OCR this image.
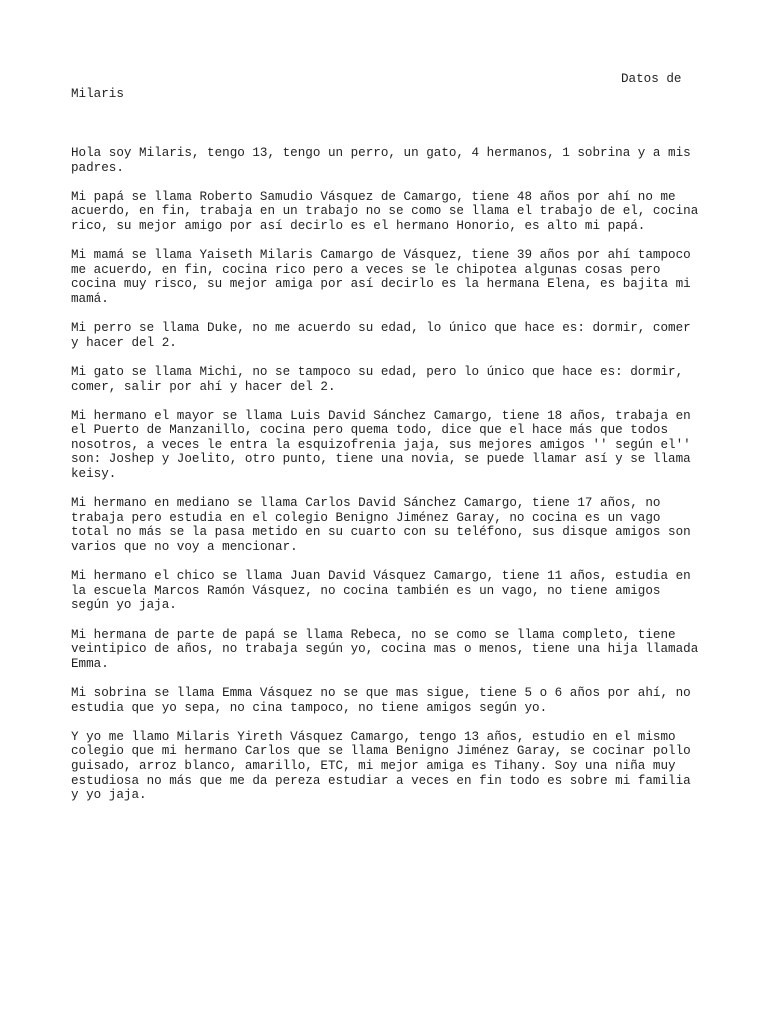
Datos de
Milaris

Hola soy Milaris, tengo 13, tengo un perro, un gato, 4 hermanos, 1 sobrina y a mis padres.

Mi papá se llama Roberto Samudio Vásquez de Camargo, tiene 48 años por ahí no me acuerdo, en fin, trabaja en un trabajo no se como se llama el trabajo de el, cocina rico, su mejor amigo por así decirlo es el hermano Honorio, es alto mi papá.

Mi mamá se llama Yaiseth Milaris Camargo de Vásquez, tiene 39 años por ahí tampoco me acuerdo, en fin, cocina rico pero a veces se le chipotea algunas cosas pero cocina muy risco, su mejor amiga por así decirlo es la hermana Elena, es bajita mi mamá.

Mi perro se llama Duke, no me acuerdo su edad, lo único que hace es: dormir, comer y hacer del 2.

Mi gato se llama Michi, no se tampoco su edad, pero lo único que hace es: dormir, comer, salir por ahí y hacer del 2.

Mi hermano el mayor se llama Luis David Sánchez Camargo, tiene 18 años, trabaja en el Puerto de Manzanillo, cocina pero quema todo, dice que el hace más que todos nosotros, a veces le entra la esquizofrenia jaja, sus mejores amigos '' según el'' son: Joshep y Joelito, otro punto, tiene una novia, se puede llamar así y se llama keisy.

Mi hermano en mediano se llama Carlos David Sánchez Camargo, tiene 17 años, no trabaja pero estudia en el colegio Benigno Jiménez Garay, no cocina es un vago total no más se la pasa metido en su cuarto con su teléfono, sus disque amigos son varios que no voy a mencionar.

Mi hermano el chico se llama Juan David Vásquez Camargo, tiene 11 años, estudia en la escuela Marcos Ramón Vásquez, no cocina también es un vago, no tiene amigos según yo jaja.

Mi hermana de parte de papá se llama Rebeca, no se como se llama completo, tiene veintipico de años, no trabaja según yo, cocina mas o menos, tiene una hija llamada Emma.

Mi sobrina se llama Emma Vásquez no se que mas sigue, tiene 5 o 6 años por ahí, no estudia que yo sepa, no cina tampoco, no tiene amigos según yo.

Y yo me llamo Milaris Yireth Vásquez Camargo, tengo 13 años, estudio en el mismo colegio que mi hermano Carlos que se llama Benigno Jiménez Garay, se cocinar pollo guisado, arroz blanco, amarillo, ETC, mi mejor amiga es Tihany. Soy una niña muy estudiosa no más que me da pereza estudiar a veces en fin todo es sobre mi familia y yo jaja.
